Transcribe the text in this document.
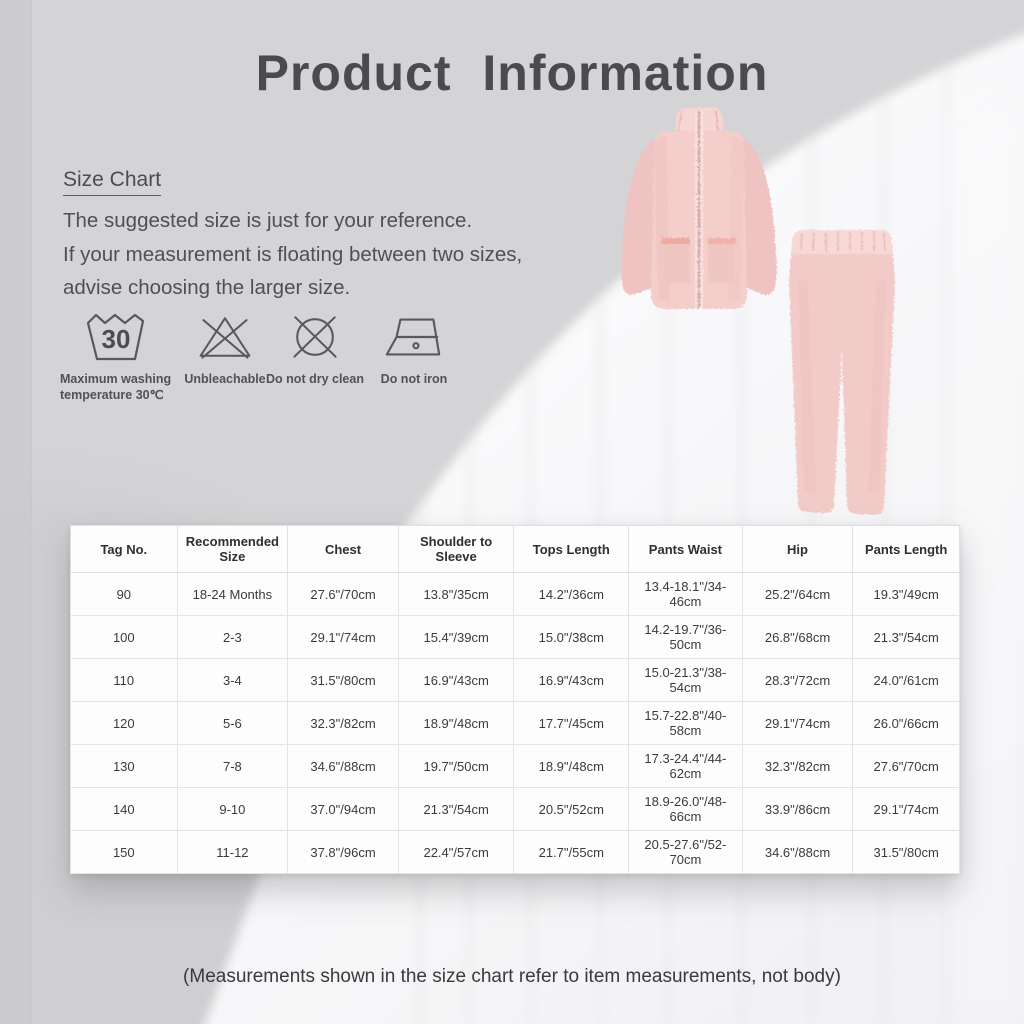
Product Information
Size Chart
The suggested size is just for your reference.
If your measurement is floating between two sizes,
advise choosing the larger size.
30
Maximum washing temperature 30℃
Unbleachable Do not dry clean	Do not iron
Tag No.	Recommended Size	Chest	Shoulder to Sleeve	Tops Length	Pants Waist	Hip	Pants Length
90	18-24 Months	27.6"/70cm	13.8"/35cm	14.2"/36cm	13.4-18.1"/34-46cm	25.2"/64cm	19.3"/49cm
100	2-3	29.1"/74cm	15.4"/39cm	15.0"/38cm	14.2-19.7"/36-50cm	26.8"/68cm	21.3"/54cm
110	3-4	31.5"/80cm	16.9"/43cm	16.9"/43cm	15.0-21.3"/38-54cm	28.3"/72cm	24.0"/61cm
120	5-6	32.3"/82cm	18.9"/48cm	17.7"/45cm	15.7-22.8"/40-58cm	29.1"/74cm	26.0"/66cm
130	7-8	34.6"/88cm	19.7"/50cm	18.9"/48cm	17.3-24.4"/44-62cm	32.3"/82cm	27.6"/70cm
140	9-10	37.0"/94cm	21.3"/54cm	20.5"/52cm	18.9-26.0"/48-66cm	33.9"/86cm	29.1"/74cm
150	11-12	37.8"/96cm	22.4"/57cm	21.7"/55cm	20.5-27.6"/52-70cm	34.6"/88cm	31.5"/80cm
(Measurements shown in the size chart refer to item measurements, not body)
